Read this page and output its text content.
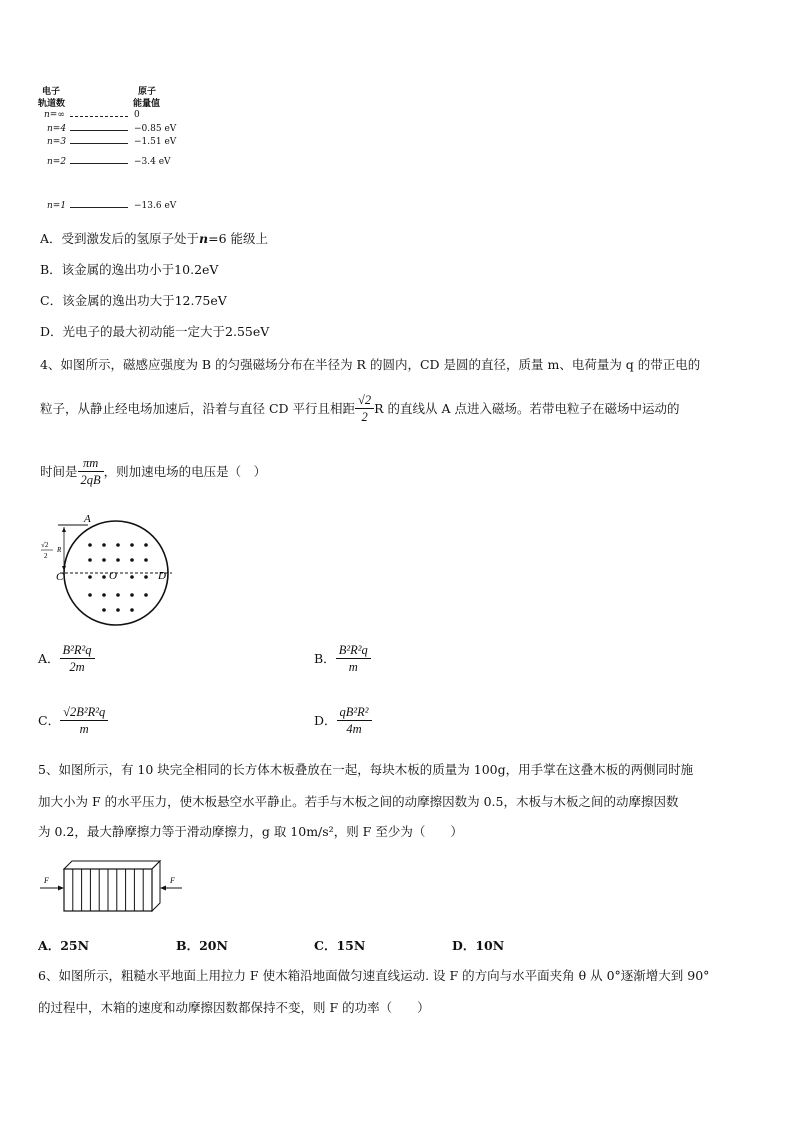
电子
轨道数
原子
能量值
n=∞	0
n=4	−0.85 eV
n=3	−1.51 eV
n=2	−3.4 eV
n=1	−13.6 eV
A．受到激发后的氢原子处于n=6 能级上
B．该金属的逸出功小于10.2eV
C．该金属的逸出功大于12.75eV
D．光电子的最大初动能一定大于2.55eV
4、如图所示，磁感应强度为 B 的匀强磁场分布在半径为 R 的圆内，CD 是圆的直径，质量 m、电荷量为 q 的带正电的
粒子，从静止经电场加速后，沿着与直径 CD 平行且相距 $\frac{√2}{2}$ R 的直线从 A 点进入磁场。若带电粒子在磁场中运动的
时间是 $\frac{\pi m}{2qB}$ ，则加速电场的电压是（　）
A
C	O	D
R
√2
2
A． $\frac{\text{B²R²q}}{2m}$	B． $\frac{\text{B²R²q}}{m}$
C． $\frac{\text{√2B²R²q}}{m}$	D． $\frac{\text{qB²R²}}{4m}$
5、如图所示，有 10 块完全相同的长方体木板叠放在一起，每块木板的质量为 100g，用手掌在这叠木板的两侧同时施
加大小为 F 的水平压力，使木板悬空水平静止。若手与木板之间的动摩擦因数为 0.5，木板与木板之间的动摩擦因数
为 0.2，最大静摩擦力等于滑动摩擦力，g 取 10m/s²，则 F 至少为（　　）
F	F
A．25N	B．20N	C．15N	D．10N
6、如图所示，粗糙水平地面上用拉力 F 使木箱沿地面做匀速直线运动. 设 F 的方向与水平面夹角 θ 从 0°逐渐增大到 90°
的过程中，木箱的速度和动摩擦因数都保持不变，则 F 的功率（　　）
